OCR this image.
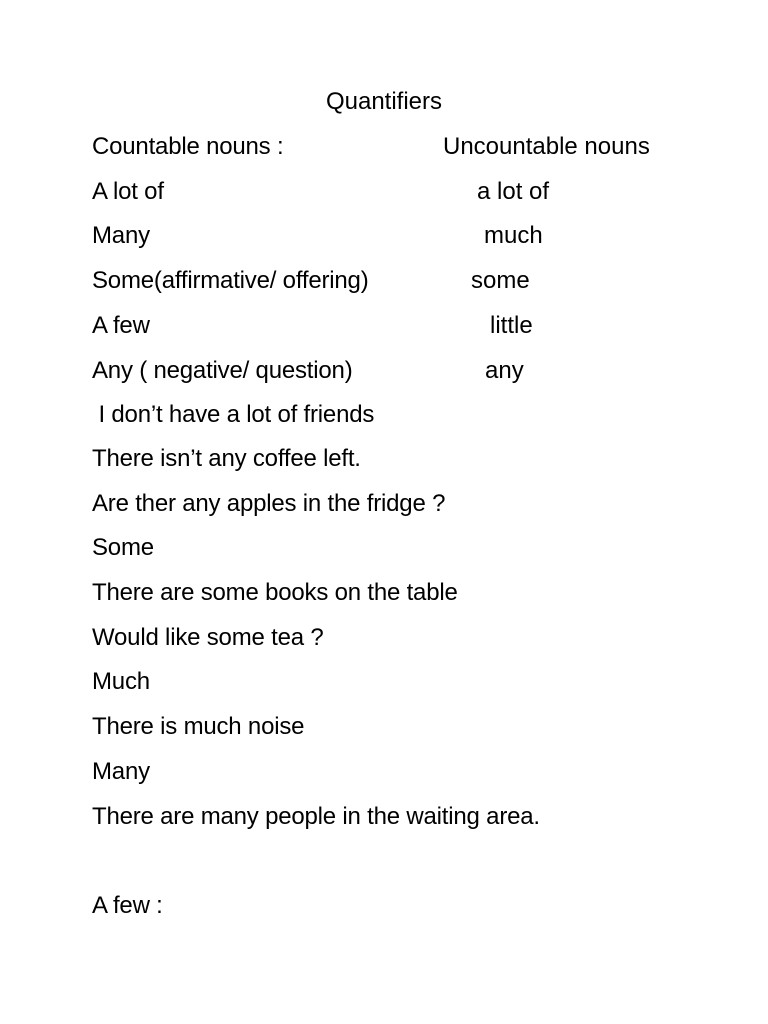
Quantifiers
Countable nouns :	Uncountable nouns
A lot of	a lot of
Many	much
Some(affirmative/ offering)	some
A few	little
Any ( negative/ question)	any
I don’t have a lot of friends
There isn’t any coffee left.
Are ther any apples in the fridge ?
Some
There are some books on the table
Would like some tea ?
Much
There is much noise
Many
There are many people in the waiting area.
A few :
